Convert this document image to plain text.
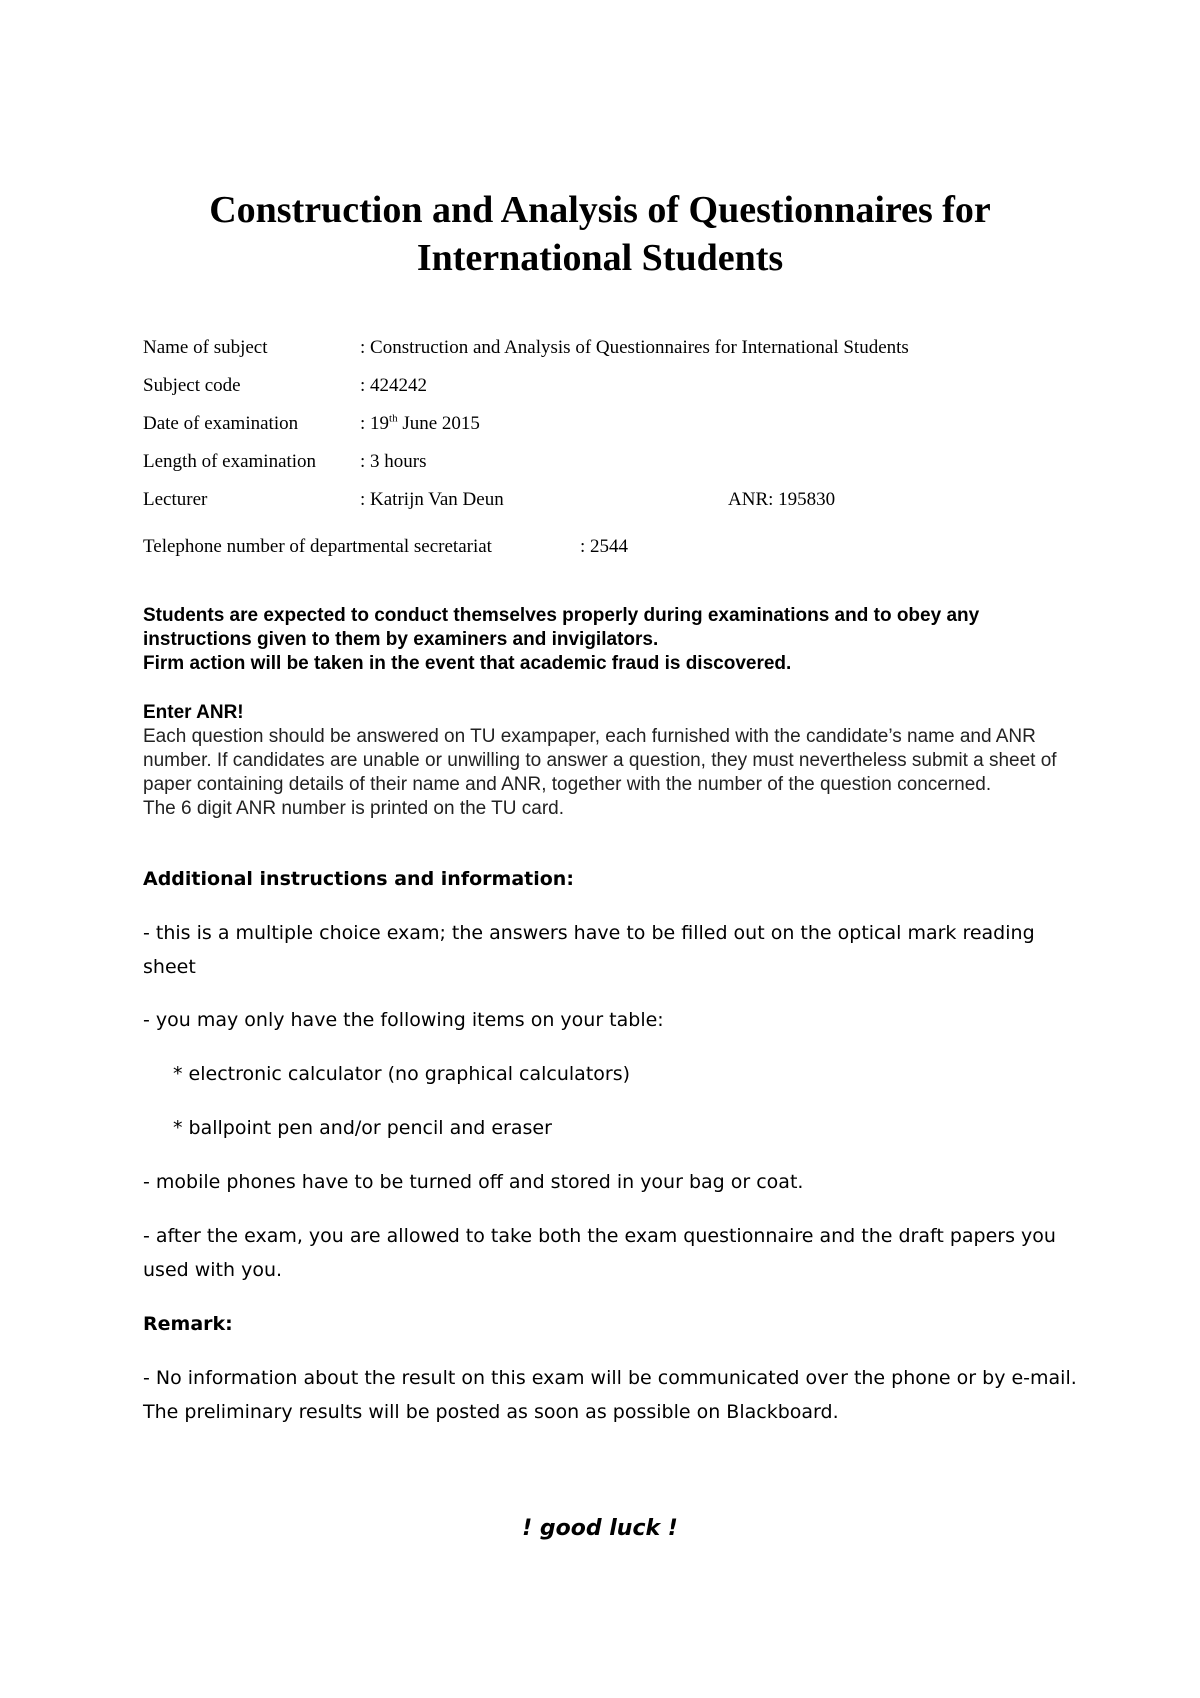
Construction and Analysis of Questionnaires for
International Students
Name of subject	: Construction and Analysis of Questionnaires for International Students
Subject code	: 424242
Date of examination	: 19th June 2015
Length of examination : 3 hours
Lecturer	: Katrijn Van Deun	ANR: 195830
Telephone number of departmental secretariat	: 2544

Students are expected to conduct themselves properly during examinations and to obey any instructions given to them by examiners and invigilators.

Firm action will be taken in the event that academic fraud is discovered.

Enter ANR!

Each question should be answered on TU exampaper, each furnished with the candidate’s name and ANR number. If candidates are unable or unwilling to answer a question, they must nevertheless submit a sheet of paper containing details of their name and ANR, together with the number of the question concerned.

The 6 digit ANR number is printed on the TU card.

Additional instructions and information:

- this is a multiple choice exam; the answers have to be filled out on the optical mark reading sheet

- you may only have the following items on your table:

* electronic calculator (no graphical calculators)

* ballpoint pen and/or pencil and eraser

- mobile phones have to be turned off and stored in your bag or coat.

- after the exam, you are allowed to take both the exam questionnaire and the draft papers you used with you.

Remark:

- No information about the result on this exam will be communicated over the phone or by e-mail. The preliminary results will be posted as soon as possible on Blackboard.

! good luck !
